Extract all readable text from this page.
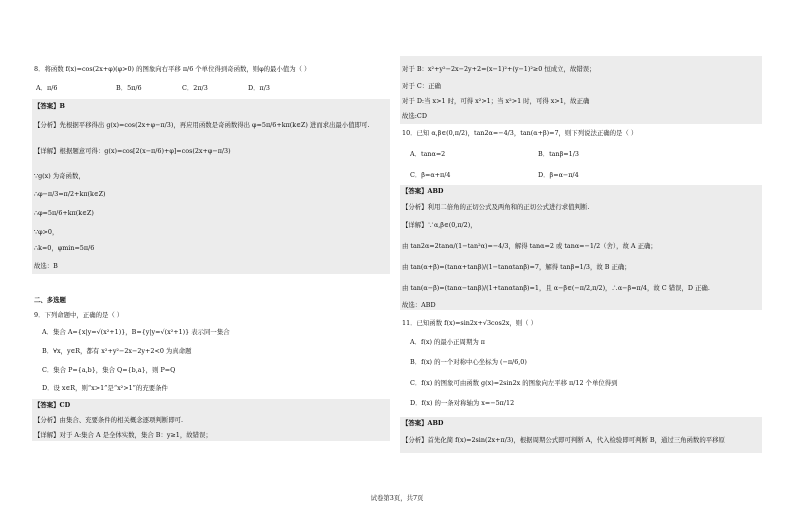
8．将函数 f(x)=cos(2x+φ)(φ>0) 的图象向右平移 π/6 个单位得到奇函数，则φ的最小值为（ ）
A．π/6	B．5π/6	C．2π/3	D．π/3
【答案】B
【分析】先根据平移得出 g(x)=cos(2x+φ−π/3)，再应用函数是奇函数得出 φ=5π/6+kπ(k∈Z) 进而求出最小值即可.
【详解】根据题意可得：g(x)=cos[2(x−π/6)+φ]=cos(2x+φ−π/3)
∵g(x) 为奇函数，
∴φ−π/3=π/2+kπ(k∈Z)
∴φ=5π/6+kπ(k∈Z)
∵φ>0，
∴k=0，φmin=5π/6
故选：B
二、多选题
9．下列命题中，正确的是（ ）
A．集合 A={x|y=√(x²+1)}，B={y|y=√(x²+1)} 表示同一集合
B．∀x，y∈R，都有 x²+y²−2x−2y+2<0 为真命题
C．集合 P={a,b}，集合 Q={b,a}，则 P=Q
D．设 x∈R，则“x>1”是“x²>1”的充要条件
【答案】CD
【分析】由集合、充要条件的相关概念逐项判断即可.
【详解】对于 A:集合 A 是全体实数，集合 B：y≥1，故错误；
对于 B：x²+y²−2x−2y+2=(x−1)²+(y−1)²≥0 恒成立，故错误；
对于 C：正确
对于 D:当 x>1 时，可得 x²>1；当 x²>1 时，可得 x>1，故正确
故选:CD
10．已知 α,β∈(0,π/2)，tan2α=−4/3，tan(α+β)=7，则下列说法正确的是（ ）
A．tanα=2	B．tanβ=1/3
C．β=α+π/4	D．β=α−π/4
【答案】ABD
【分析】利用二倍角的正切公式及两角和的正切公式进行求值判断.
【详解】∵α,β∈(0,π/2)，
由 tan2α=2tanα/(1−tan²α)=−4/3，解得 tanα=2 或 tanα=−1/2（舍），故 A 正确；
由 tan(α+β)=(tanα+tanβ)/(1−tanαtanβ)=7，解得 tanβ=1/3，故 B 正确；
由 tan(α−β)=(tanα−tanβ)/(1+tanαtanβ)=1，且 α−β∈(−π/2,π/2)，∴α−β=π/4，故 C 错误，D 正确.
故选：ABD
11．已知函数 f(x)=sin2x+√3cos2x，则（ ）
A．f(x) 的最小正周期为 π
B．f(x) 的一个对称中心坐标为 (−π/6,0)
C．f(x) 的图象可由函数 g(x)=2sin2x 的图象向左平移 π/12 个单位得到
D．f(x) 的一条对称轴为 x=−5π/12
【答案】ABD
【分析】首先化简 f(x)=2sin(2x+π/3)，根据周期公式即可判断 A，代入检验即可判断 B，通过三角函数的平移原
试卷第3页，共7页
